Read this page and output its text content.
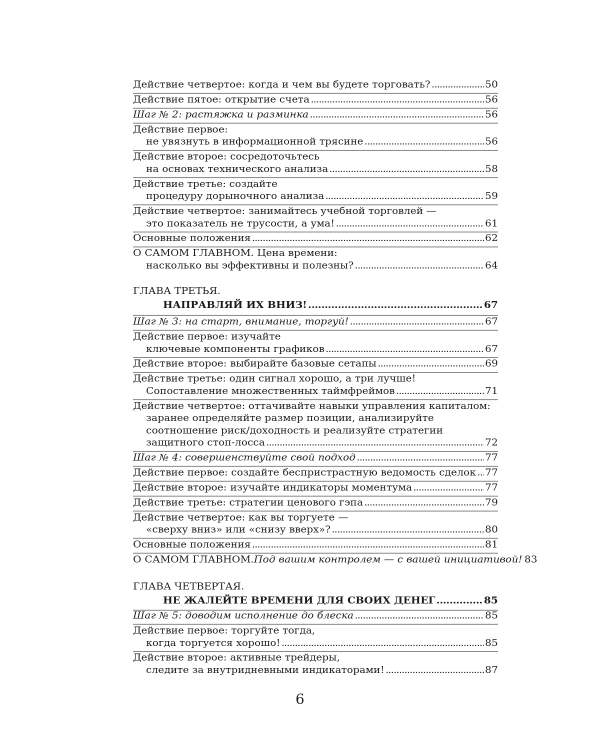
Действие четвертое: когда и чем вы будете торговать? . . .	50
Действие пятое: открытие счета . . .	56
Шаг № 2: растяжка и разминка . . .	56
Действие первое:
не увязнуть в информационной трясине . . .	56
Действие второе: сосредоточьтесь
на основах технического анализа . . .	58
Действие третье: создайте
процедуру дорыночного анализа . . .	59
Действие четвертое: занимайтесь учебной торговлей —
это показатель не трусости, а ума! . . .	61
Основные положения . . .	62
О САМОМ ГЛАВНОМ. Цена времени:
насколько вы эффективны и полезны? . . .	64
ГЛАВА ТРЕТЬЯ.
НАПРАВЛЯЙ ИХ ВНИЗ! . . .	67
Шаг № 3: на старт, внимание, торгуй! . . .	67
Действие первое: изучайте
ключевые компоненты графиков . . .	67
Действие второе: выбирайте базовые сетапы . . .	69
Действие третье: один сигнал хорошо, а три лучше!
Сопоставление множественных таймфреймов . . .	71
Действие четвертое: оттачивайте навыки управления капиталом:
заранее определяйте размер позиции, анализируйте
соотношение риск/доходность и реализуйте стратегии
защитного стоп-лосса . . .	72
Шаг № 4: совершенствуйте свой подход . . .	77
Действие первое: создайте беспристрастную ведомость сделок . . . 77
Действие второе: изучайте индикаторы моментума . . .	77
Действие третье: стратегии ценового гэпа . . .	79
Действие четвертое: как вы торгуете —
«сверху вниз» или «снизу вверх»? . . .	80
Основные положения . . .	81
О САМОМ ГЛАВНОМ. Под вашим контролем — с вашей инициативой! 83
ГЛАВА ЧЕТВЕРТАЯ.
НЕ ЖАЛЕЙТЕ ВРЕМЕНИ ДЛЯ СВОИХ ДЕНЕГ . . .	85
Шаг № 5: доводим исполнение до блеска . . .	85
Действие первое: торгуйте тогда,
когда торгуется хорошо! . . .	85
Действие второе: активные трейдеры,
следите за внутридневными индикаторами! . . .	87
6
